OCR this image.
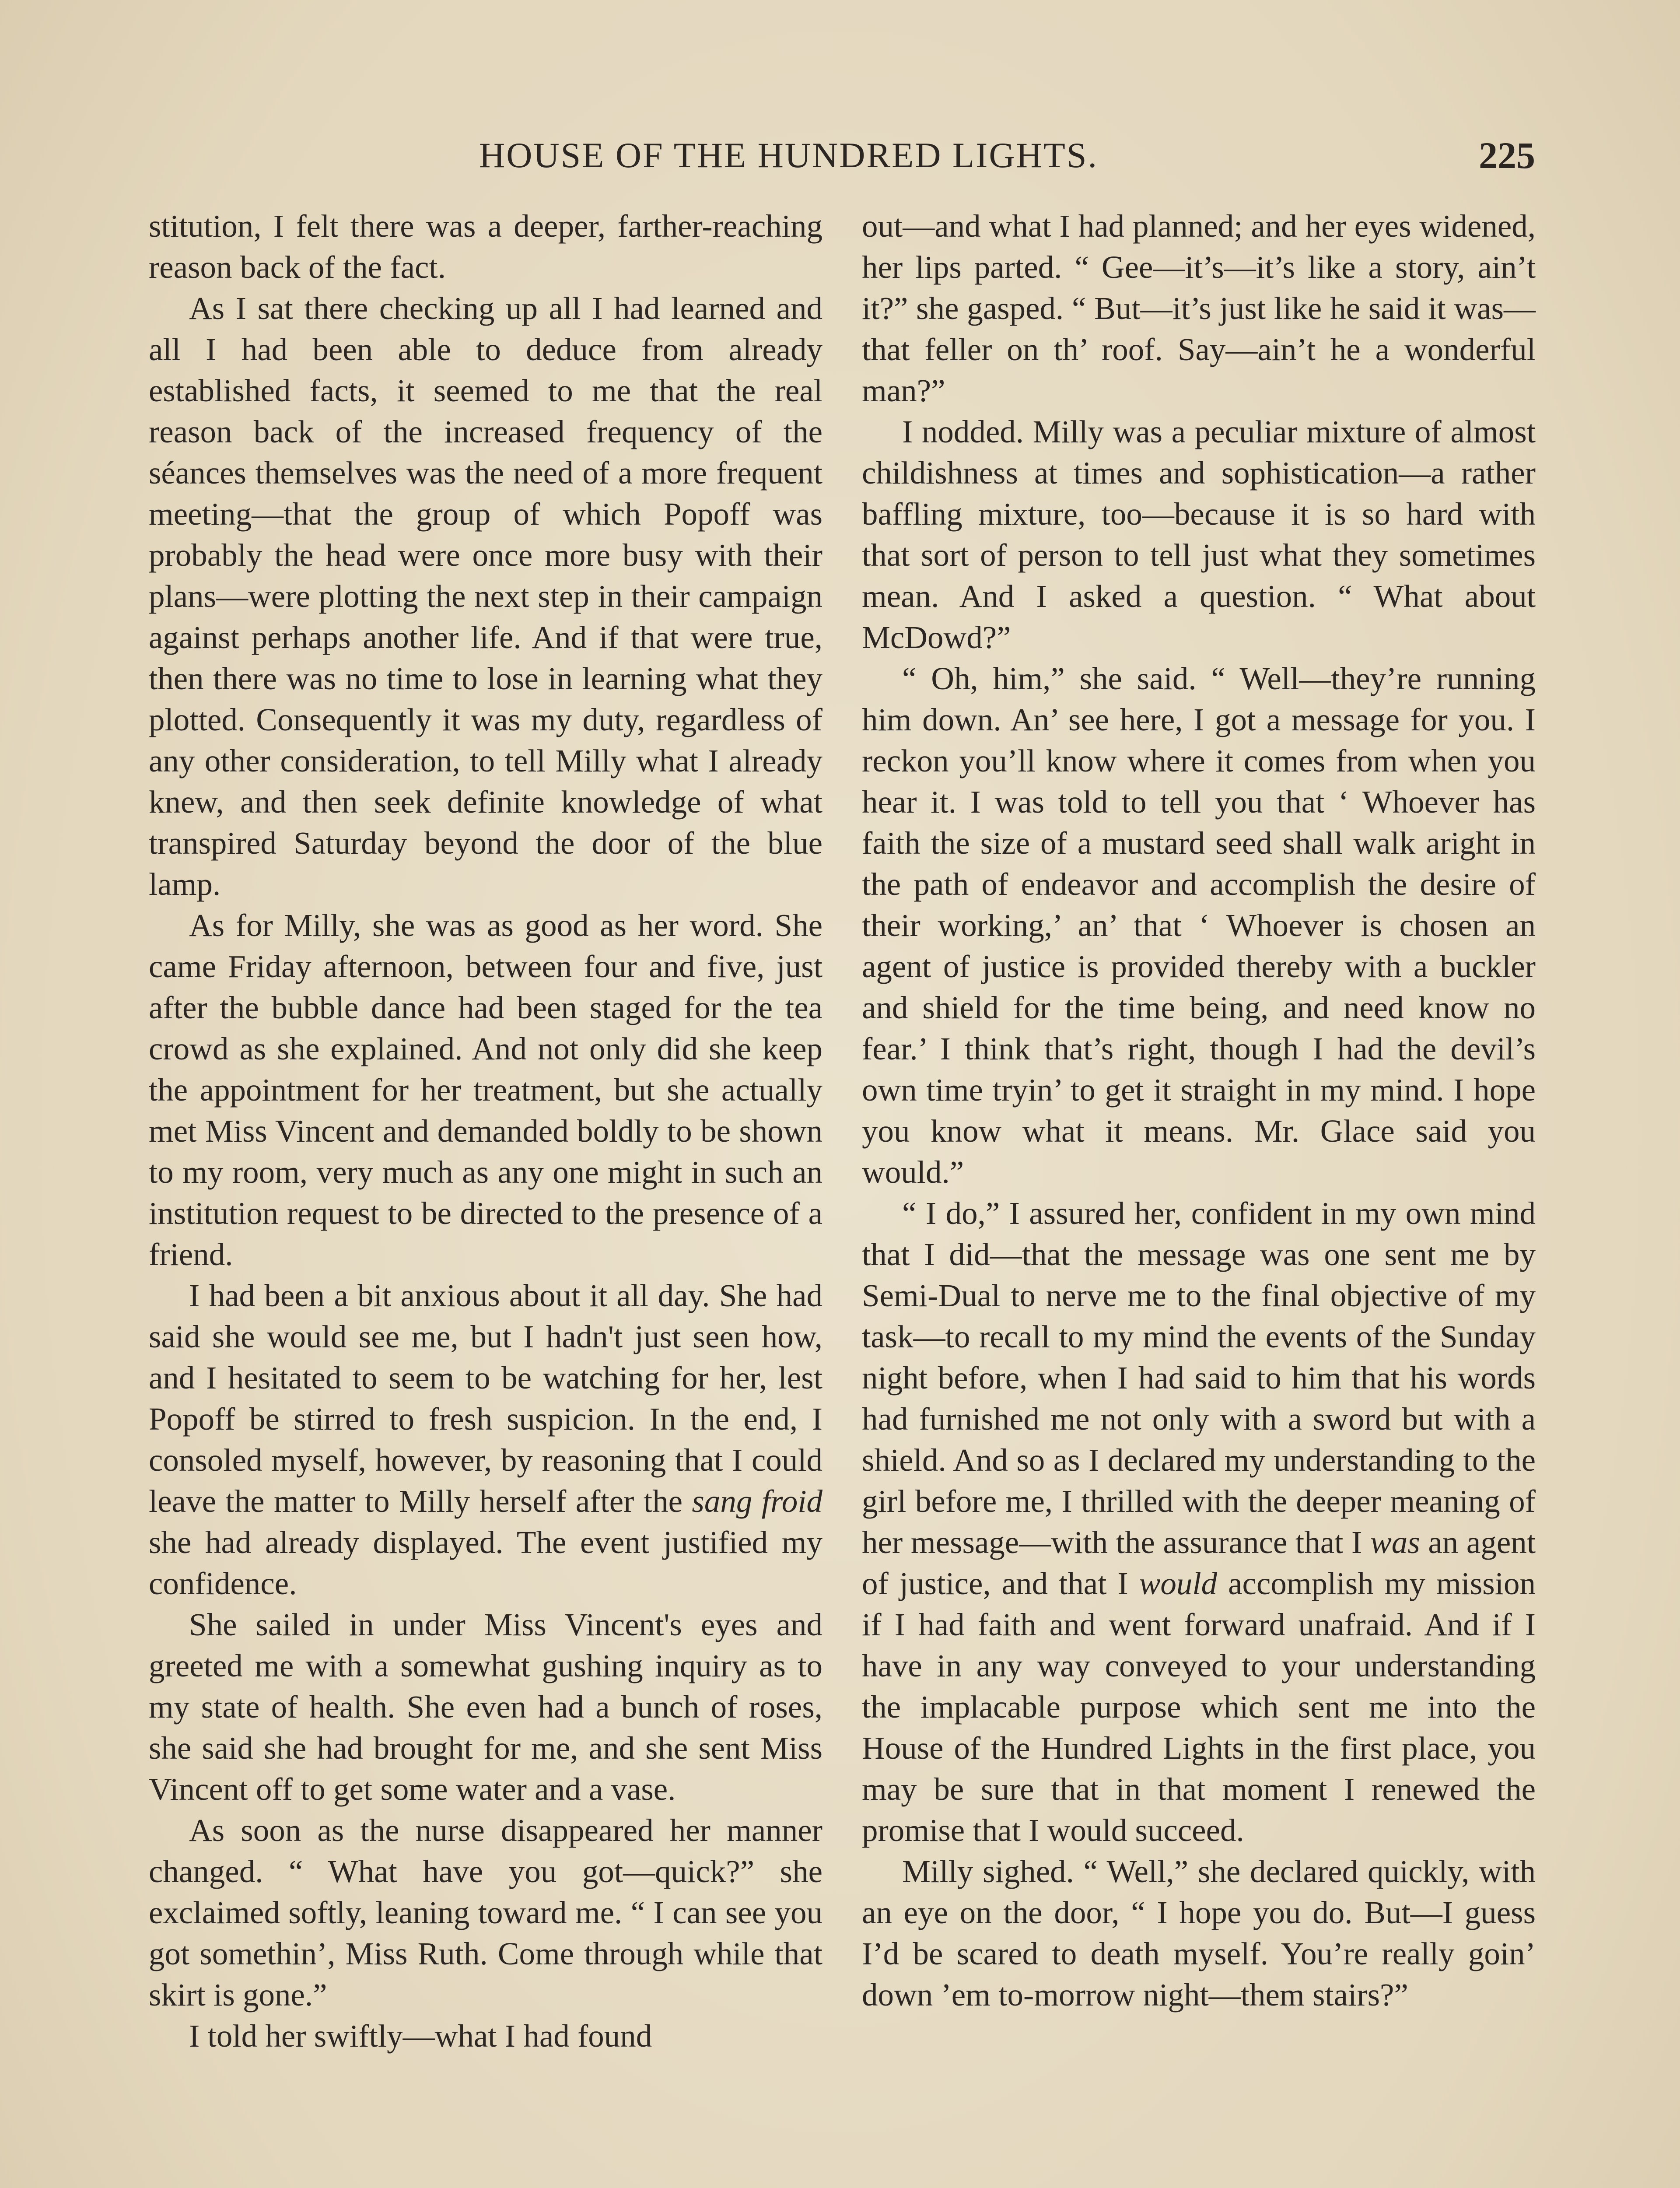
HOUSE OF THE HUNDRED LIGHTS.	225

stitution, I felt there was a deeper, farther-reaching reason back of the fact.

As I sat there checking up all I had learned and all I had been able to deduce from already established facts, it seemed to me that the real reason back of the increased frequency of the séances themselves was the need of a more frequent meeting—that the group of which Popoff was probably the head were once more busy with their plans—were plotting the next step in their campaign against perhaps another life. And if that were true, then there was no time to lose in learning what they plotted. Consequently it was my duty, regardless of any other consideration, to tell Milly what I already knew, and then seek definite knowledge of what transpired Saturday beyond the door of the blue lamp.

As for Milly, she was as good as her word. She came Friday afternoon, between four and five, just after the bubble dance had been staged for the tea crowd as she explained. And not only did she keep the appointment for her treatment, but she actually met Miss Vincent and demanded boldly to be shown to my room, very much as any one might in such an institution request to be directed to the presence of a friend.

I had been a bit anxious about it all day. She had said she would see me, but I hadn't just seen how, and I hesitated to seem to be watching for her, lest Popoff be stirred to fresh suspicion. In the end, I consoled myself, however, by reasoning that I could leave the matter to Milly herself after the sang froid she had already displayed. The event justified my confidence.

She sailed in under Miss Vincent's eyes and greeted me with a somewhat gushing inquiry as to my state of health. She even had a bunch of roses, she said she had brought for me, and she sent Miss Vincent off to get some water and a vase.

As soon as the nurse disappeared her manner changed. “ What have you got—quick?” she exclaimed softly, leaning toward me. “ I can see you got somethin’, Miss Ruth. Come through while that skirt is gone.”

I told her swiftly—what I had found

out—and what I had planned; and her eyes widened, her lips parted. “ Gee—it’s—it’s like a story, ain’t it?” she gasped. “ But—it’s just like he said it was—that feller on th’ roof. Say—ain’t he a wonderful man?”

I nodded. Milly was a peculiar mixture of almost childishness at times and sophistication—a rather baffling mixture, too—because it is so hard with that sort of person to tell just what they sometimes mean. And I asked a question. “ What about McDowd?”

“ Oh, him,” she said. “ Well—they’re running him down. An’ see here, I got a message for you. I reckon you’ll know where it comes from when you hear it. I was told to tell you that ‘ Whoever has faith the size of a mustard seed shall walk aright in the path of endeavor and accomplish the desire of their working,’ an’ that ‘ Whoever is chosen an agent of justice is provided thereby with a buckler and shield for the time being, and need know no fear.’ I think that’s right, though I had the devil’s own time tryin’ to get it straight in my mind. I hope you know what it means. Mr. Glace said you would.”

“ I do,” I assured her, confident in my own mind that I did—that the message was one sent me by Semi-Dual to nerve me to the final objective of my task—to recall to my mind the events of the Sunday night before, when I had said to him that his words had furnished me not only with a sword but with a shield. And so as I declared my understanding to the girl before me, I thrilled with the deeper meaning of her message—with the assurance that I was an agent of justice, and that I would accomplish my mission if I had faith and went forward unafraid. And if I have in any way conveyed to your understanding the implacable purpose which sent me into the House of the Hundred Lights in the first place, you may be sure that in that moment I renewed the promise that I would succeed.

Milly sighed. “ Well,” she declared quickly, with an eye on the door, “ I hope you do. But—I guess I’d be scared to death myself. You’re really goin’ down ’em to-morrow night—them stairs?”
